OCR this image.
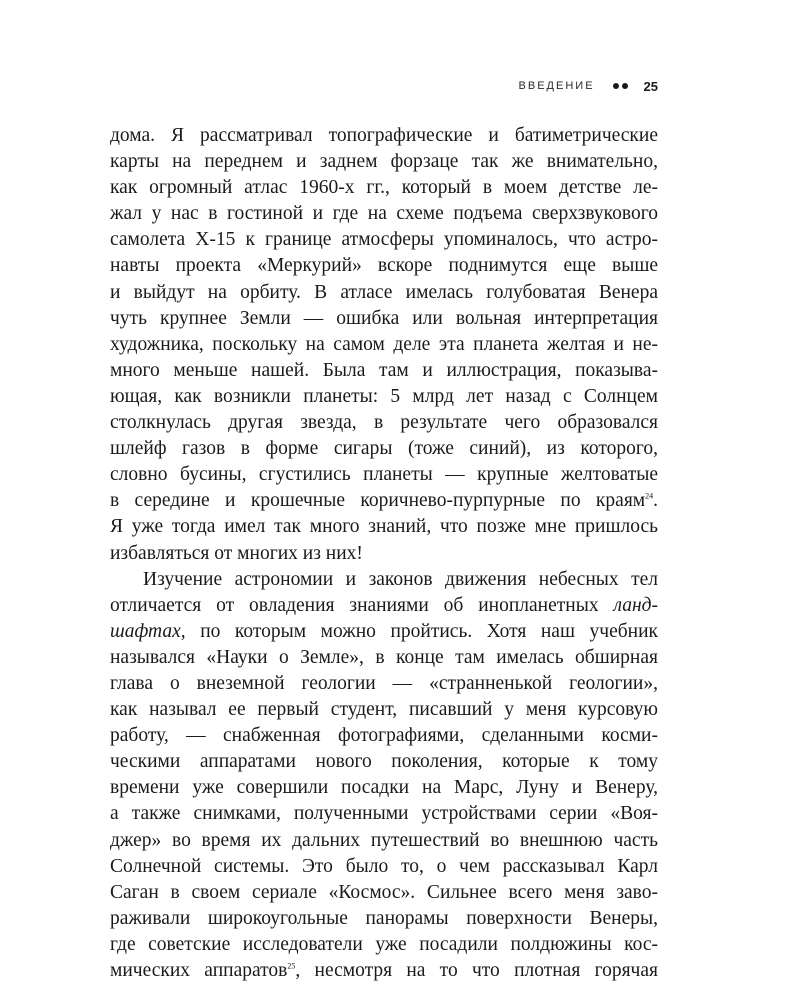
ВВЕДЕНИЕ	25
дома. Я рассматривал топографические и батиметрические
карты на переднем и заднем форзаце так же внимательно,
как огромный атлас 1960-х гг., который в моем детстве ле-
жал у нас в гостиной и где на схеме подъема сверхзвукового
самолета X-15 к границе атмосферы упоминалось, что астро-
навты проекта «Меркурий» вскоре поднимутся еще выше
и выйдут на орбиту. В атласе имелась голубоватая Венера
чуть крупнее Земли — ошибка или вольная интерпретация
художника, поскольку на самом деле эта планета желтая и не-
много меньше нашей. Была там и иллюстрация, показыва-
ющая, как возникли планеты: 5 млрд лет назад с Солнцем
столкнулась другая звезда, в результате чего образовался
шлейф газов в форме сигары (тоже синий), из которого,
словно бусины, сгустились планеты — крупные желтоватые
в середине и крошечные коричнево-пурпурные по краям$^{24}$.
Я уже тогда имел так много знаний, что позже мне пришлось
избавляться от многих из них!
Изучение астрономии и законов движения небесных тел
отличается от овладения знаниями об инопланетных ланд-
шафтах, по которым можно пройтись. Хотя наш учебник
назывался «Науки о Земле», в конце там имелась обширная
глава о внеземной геологии — «странненькой геологии»,
как называл ее первый студент, писавший у меня курсовую
работу, — снабженная фотографиями, сделанными косми-
ческими аппаратами нового поколения, которые к тому
времени уже совершили посадки на Марс, Луну и Венеру,
а также снимками, полученными устройствами серии «Воя-
джер» во время их дальних путешествий во внешнюю часть
Солнечной системы. Это было то, о чем рассказывал Карл
Саган в своем сериале «Космос». Сильнее всего меня заво-
раживали широкоугольные панорамы поверхности Венеры,
где советские исследователи уже посадили полдюжины кос-
мических аппаратов$^{25}$, несмотря на то что плотная горячая
